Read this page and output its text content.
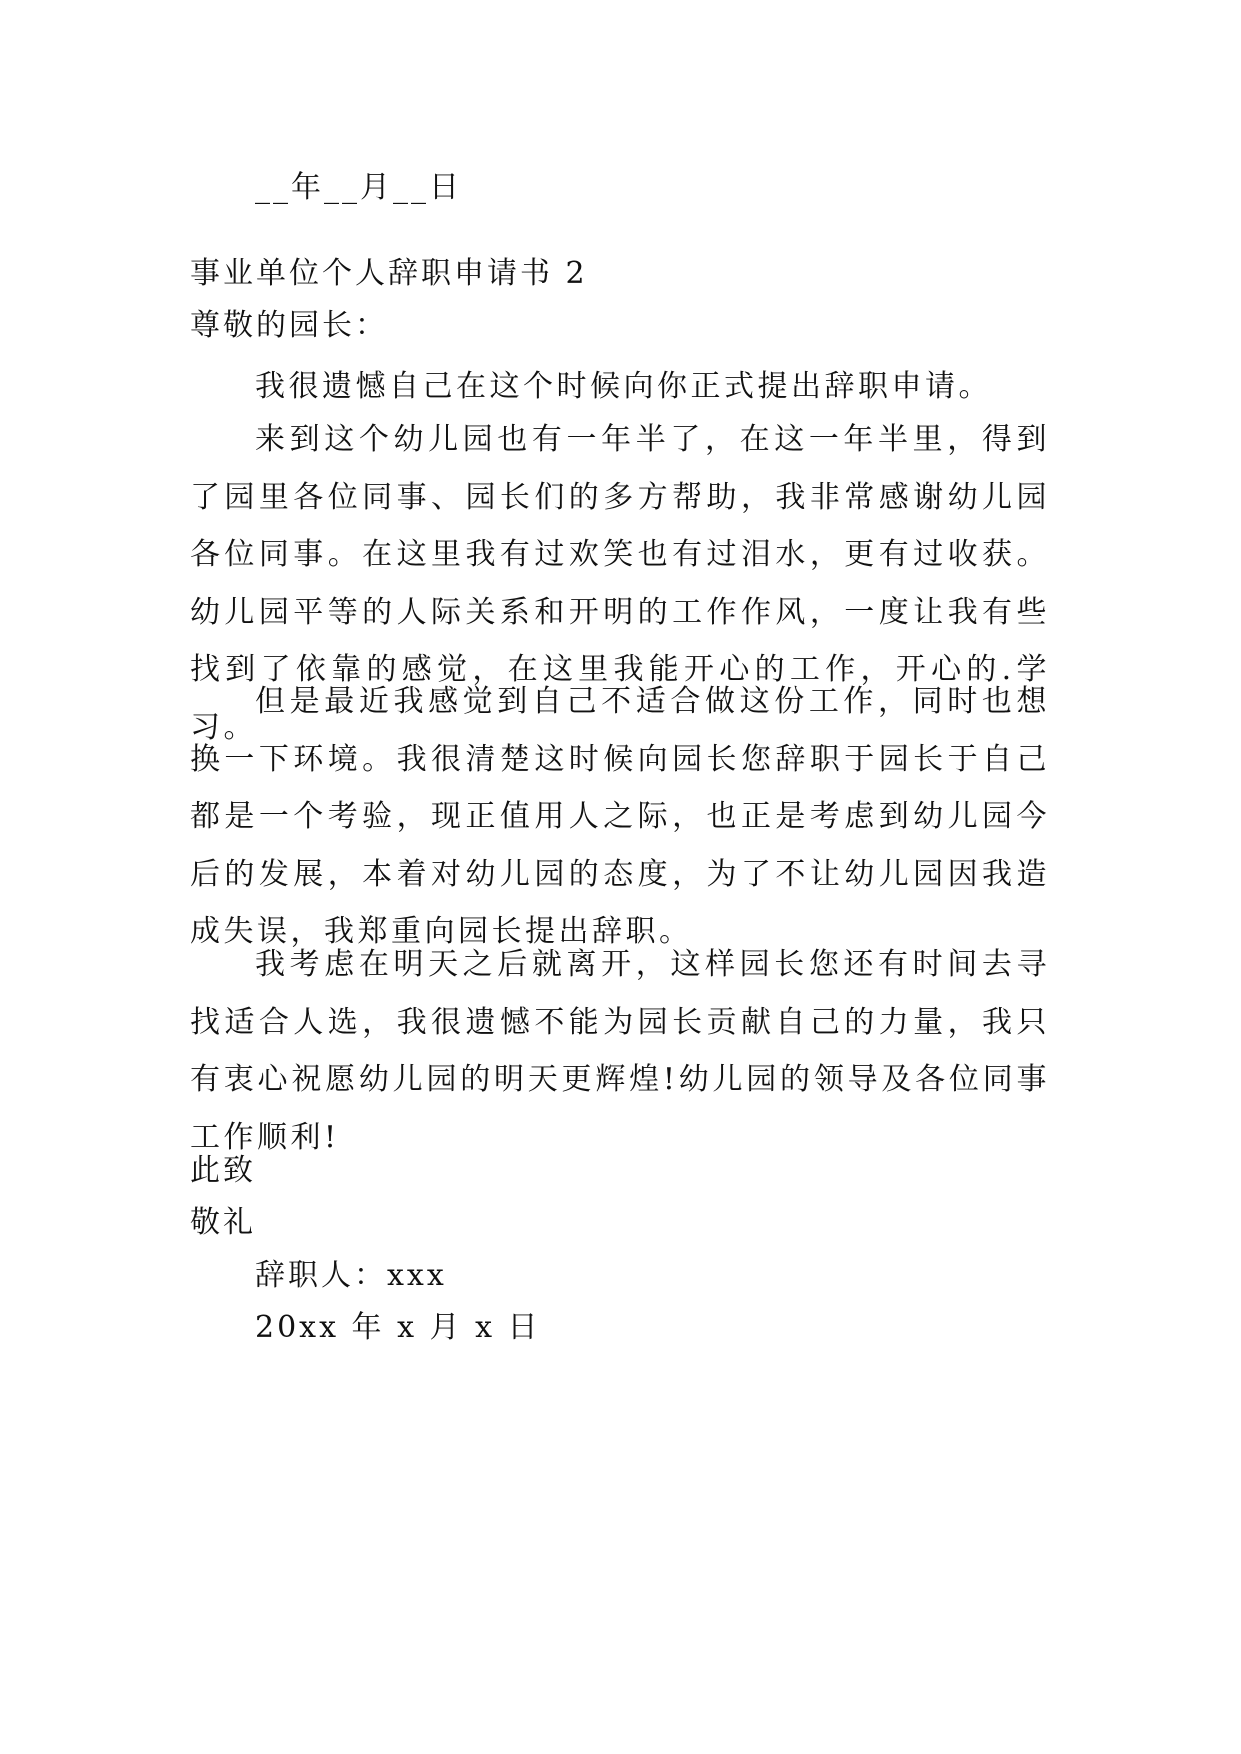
__年__月__日
事业单位个人辞职申请书 2
尊敬的园长：
我很遗憾自己在这个时候向你正式提出辞职申请。
来到这个幼儿园也有一年半了，在这一年半里，得到了园里各位同事、园长们的多方帮助，我非常感谢幼儿园各位同事。在这里我有过欢笑也有过泪水，更有过收获。幼儿园平等的人际关系和开明的工作作风，一度让我有些找到了依靠的感觉，在这里我能开心的工作，开心的.学习。
但是最近我感觉到自己不适合做这份工作，同时也想换一下环境。我很清楚这时候向园长您辞职于园长于自己都是一个考验，现正值用人之际，也正是考虑到幼儿园今后的发展，本着对幼儿园的态度，为了不让幼儿园因我造成失误，我郑重向园长提出辞职。
我考虑在明天之后就离开，这样园长您还有时间去寻找适合人选，我很遗憾不能为园长贡献自己的力量，我只有衷心祝愿幼儿园的明天更辉煌!幼儿园的领导及各位同事工作顺利!
此致
敬礼
辞职人：xxx
20xx 年 x 月 x 日
